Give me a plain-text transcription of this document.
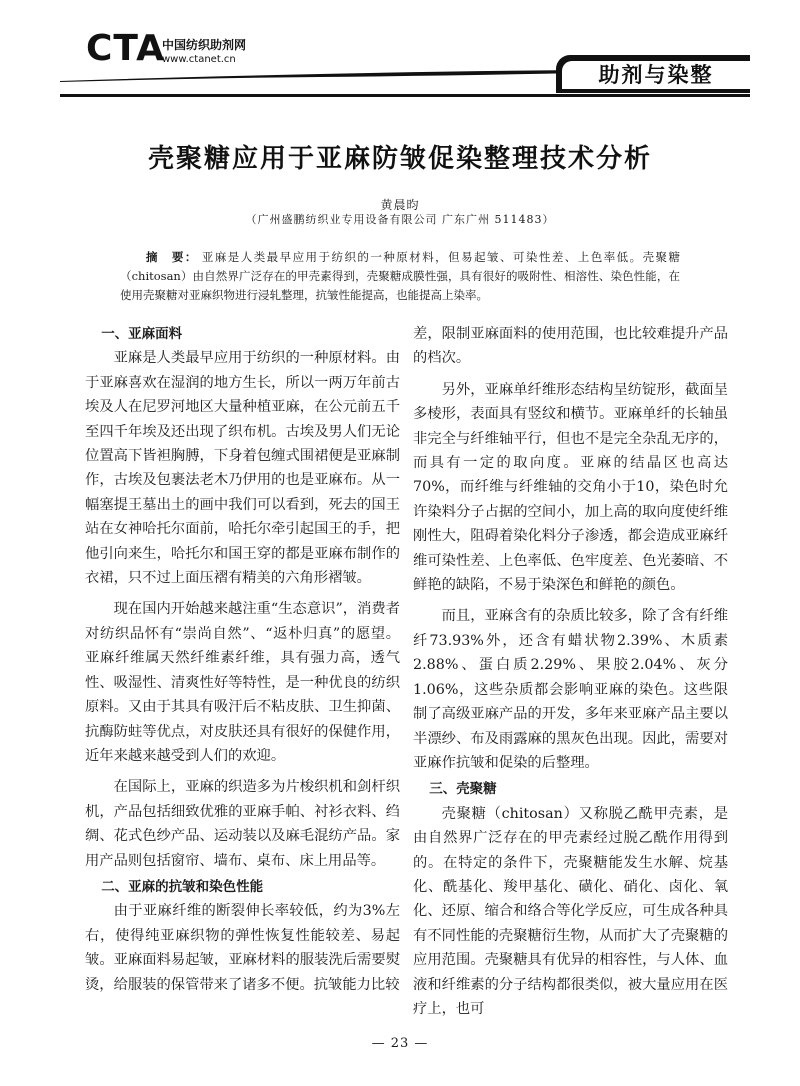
CTA
中国纺织助剂网
www.ctanet.cn
助剂与染整
壳聚糖应用于亚麻防皱促染整理技术分析
黄晨昀
（广州盛鹏纺织业专用设备有限公司 广东广州 511483）
摘　要： 亚麻是人类最早应用于纺织的一种原材料，但易起皱、可染性差、上色率低。壳聚糖（chitosan）由自然界广泛存在的甲壳素得到，壳聚糖成膜性强，具有很好的吸附性、相溶性、染色性能，在使用壳聚糖对亚麻织物进行浸轧整理，抗皱性能提高，也能提高上染率。
一、亚麻面料

亚麻是人类最早应用于纺织的一种原材料。由于亚麻喜欢在湿润的地方生长，所以一两万年前古埃及人在尼罗河地区大量种植亚麻，在公元前五千至四千年埃及还出现了织布机。古埃及男人们无论位置高下皆袒胸膊，下身着包缠式围裙便是亚麻制作，古埃及包裹法老木乃伊用的也是亚麻布。从一幅塞提王墓出土的画中我们可以看到，死去的国王站在女神哈托尔面前，哈托尔牵引起国王的手，把他引向来生，哈托尔和国王穿的都是亚麻布制作的衣裙，只不过上面压褶有精美的六角形褶皱。

现在国内开始越来越注重“生态意识”，消费者对纺织品怀有“崇尚自然”、“返朴归真”的愿望。亚麻纤维属天然纤维素纤维，具有强力高，透气性、吸湿性、清爽性好等特性，是一种优良的纺织原料。又由于其具有吸汗后不粘皮肤、卫生抑菌、抗酶防蛀等优点，对皮肤还具有很好的保健作用，近年来越来越受到人们的欢迎。

在国际上，亚麻的织造多为片梭织机和剑杆织机，产品包括细致优雅的亚麻手帕、衬衫衣料、绉绸、花式色纱产品、运动装以及麻毛混纺产品。家用产品则包括窗帘、墙布、桌布、床上用品等。

二、亚麻的抗皱和染色性能

由于亚麻纤维的断裂伸长率较低，约为3%左右，使得纯亚麻织物的弹性恢复性能较差、易起皱。亚麻面料易起皱，亚麻材料的服装洗后需要熨烫，给服装的保管带来了诸多不便。抗皱能力比较

差，限制亚麻面料的使用范围，也比较难提升产品的档次。

另外，亚麻单纤维形态结构呈纺锭形，截面呈多棱形，表面具有竖纹和横节。亚麻单纤的长轴虽非完全与纤维轴平行，但也不是完全杂乱无序的，而具有一定的取向度。亚麻的结晶区也高达70%，而纤维与纤维轴的交角小于10，染色时允许染料分子占据的空间小，加上高的取向度使纤维刚性大，阻碍着染化料分子渗透，都会造成亚麻纤维可染性差、上色率低、色牢度差、色光萎暗、不鲜艳的缺陷，不易于染深色和鲜艳的颜色。

而且，亚麻含有的杂质比较多，除了含有纤维纤73.93%外，还含有蜡状物2.39%、木质素2.88%、蛋白质2.29%、果胶2.04%、灰分1.06%，这些杂质都会影响亚麻的染色。这些限制了高级亚麻产品的开发，多年来亚麻产品主要以半漂纱、布及雨露麻的黑灰色出现。因此，需要对亚麻作抗皱和促染的后整理。

三、壳聚糖

壳聚糖（chitosan）又称脱乙酰甲壳素，是由自然界广泛存在的甲壳素经过脱乙酰作用得到的。在特定的条件下，壳聚糖能发生水解、烷基化、酰基化、羧甲基化、磺化、硝化、卤化、氧化、还原、缩合和络合等化学反应，可生成各种具有不同性能的壳聚糖衍生物，从而扩大了壳聚糖的应用范围。壳聚糖具有优异的相容性，与人体、血液和纤维素的分子结构都很类似，被大量应用在医疗上，也可

— 23 —
